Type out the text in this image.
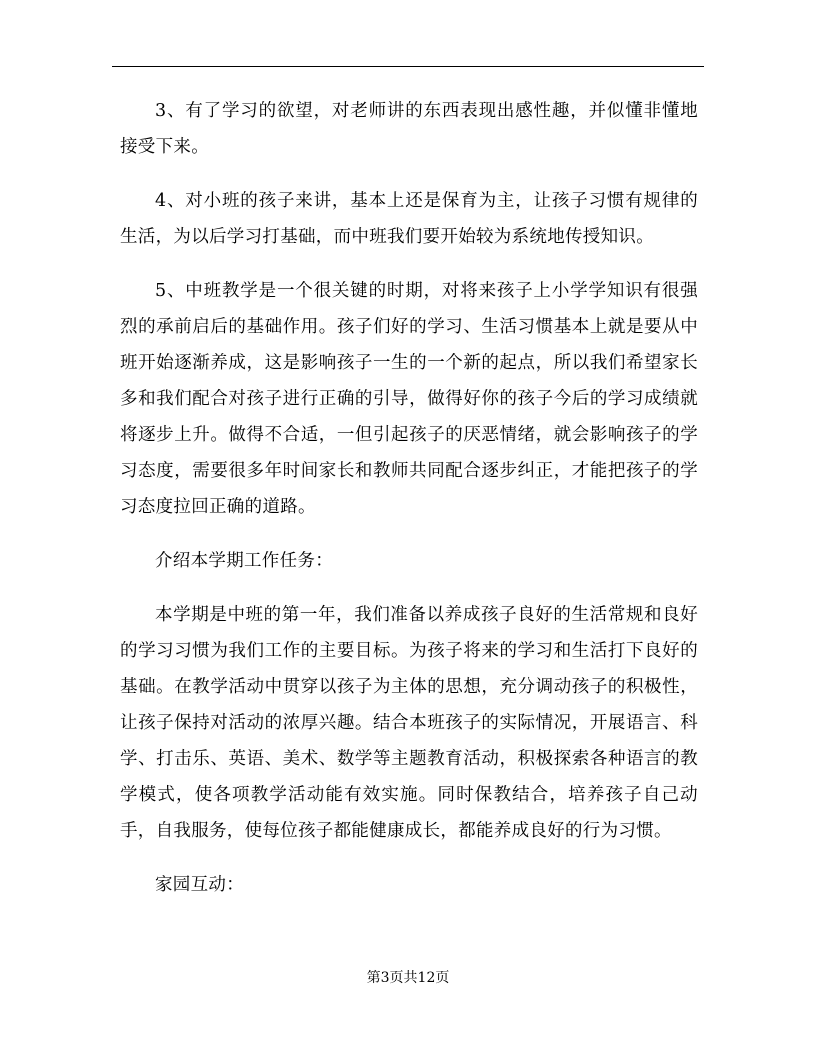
3、有了学习的欲望，对老师讲的东西表现出感性趣，并似懂非懂地接受下来。

4、对小班的孩子来讲，基本上还是保育为主，让孩子习惯有规律的生活，为以后学习打基础，而中班我们要开始较为系统地传授知识。

5、中班教学是一个很关键的时期，对将来孩子上小学学知识有很强烈的承前启后的基础作用。孩子们好的学习、生活习惯基本上就是要从中班开始逐渐养成，这是影响孩子一生的一个新的起点，所以我们希望家长多和我们配合对孩子进行正确的引导，做得好你的孩子今后的学习成绩就将逐步上升。做得不合适，一但引起孩子的厌恶情绪，就会影响孩子的学习态度，需要很多年时间家长和教师共同配合逐步纠正，才能把孩子的学习态度拉回正确的道路。

介绍本学期工作任务：

本学期是中班的第一年，我们准备以养成孩子良好的生活常规和良好的学习习惯为我们工作的主要目标。为孩子将来的学习和生活打下良好的基础。在教学活动中贯穿以孩子为主体的思想，充分调动孩子的积极性，让孩子保持对活动的浓厚兴趣。结合本班孩子的实际情况，开展语言、科学、打击乐、英语、美术、数学等主题教育活动，积极探索各种语言的教学模式，使各项教学活动能有效实施。同时保教结合，培养孩子自己动手，自我服务，使每位孩子都能健康成长，都能养成良好的行为习惯。

家园互动：

第3页共12页
